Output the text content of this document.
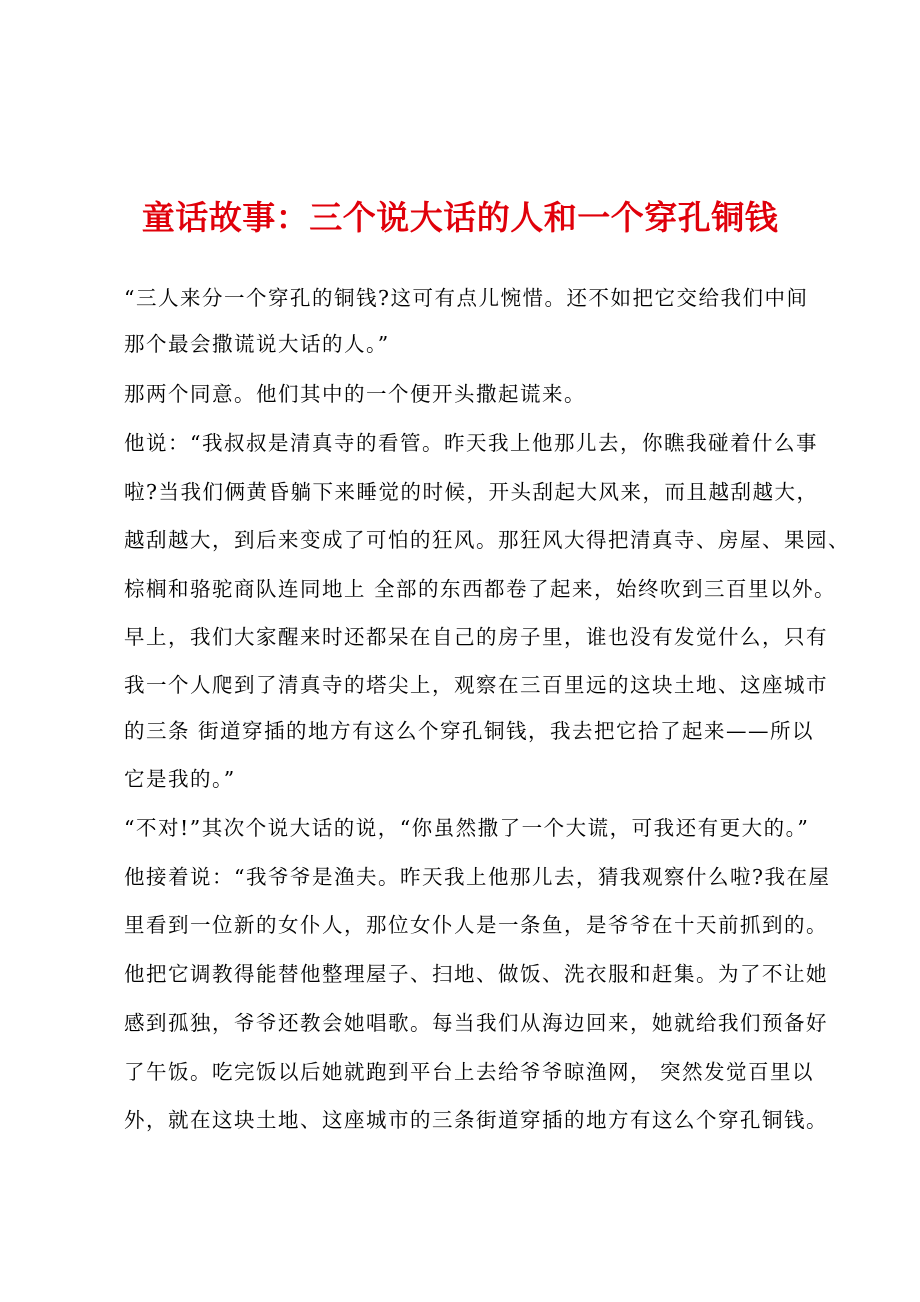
童话故事：三个说大话的人和一个穿孔铜钱
“三人来分一个穿孔的铜钱?这可有点儿惋惜。还不如把它交给我们中间
那个最会撒谎说大话的人。”
那两个同意。他们其中的一个便开头撒起谎来。
他说：“我叔叔是清真寺的看管。昨天我上他那儿去，你瞧我碰着什么事
啦?当我们俩黄昏躺下来睡觉的时候，开头刮起大风来，而且越刮越大，
越刮越大，到后来变成了可怕的狂风。那狂风大得把清真寺、房屋、果园、
棕榈和骆驼商队连同地上 全部的东西都卷了起来，始终吹到三百里以外。
早上，我们大家醒来时还都呆在自己的房子里，谁也没有发觉什么，只有
我一个人爬到了清真寺的塔尖上，观察在三百里远的这块土地、这座城市
的三条 街道穿插的地方有这么个穿孔铜钱，我去把它拾了起来——所以
它是我的。”
“不对!”其次个说大话的说，“你虽然撒了一个大谎，可我还有更大的。”
他接着说：“我爷爷是渔夫。昨天我上他那儿去，猜我观察什么啦?我在屋
里看到一位新的女仆人，那位女仆人是一条鱼，是爷爷在十天前抓到的。
他把它调教得能替他整理屋子、扫地、做饭、洗衣服和赶集。为了不让她
感到孤独，爷爷还教会她唱歌。每当我们从海边回来，她就给我们预备好
了午饭。吃完饭以后她就跑到平台上去给爷爷晾渔网， 突然发觉百里以
外，就在这块土地、这座城市的三条街道穿插的地方有这么个穿孔铜钱。
